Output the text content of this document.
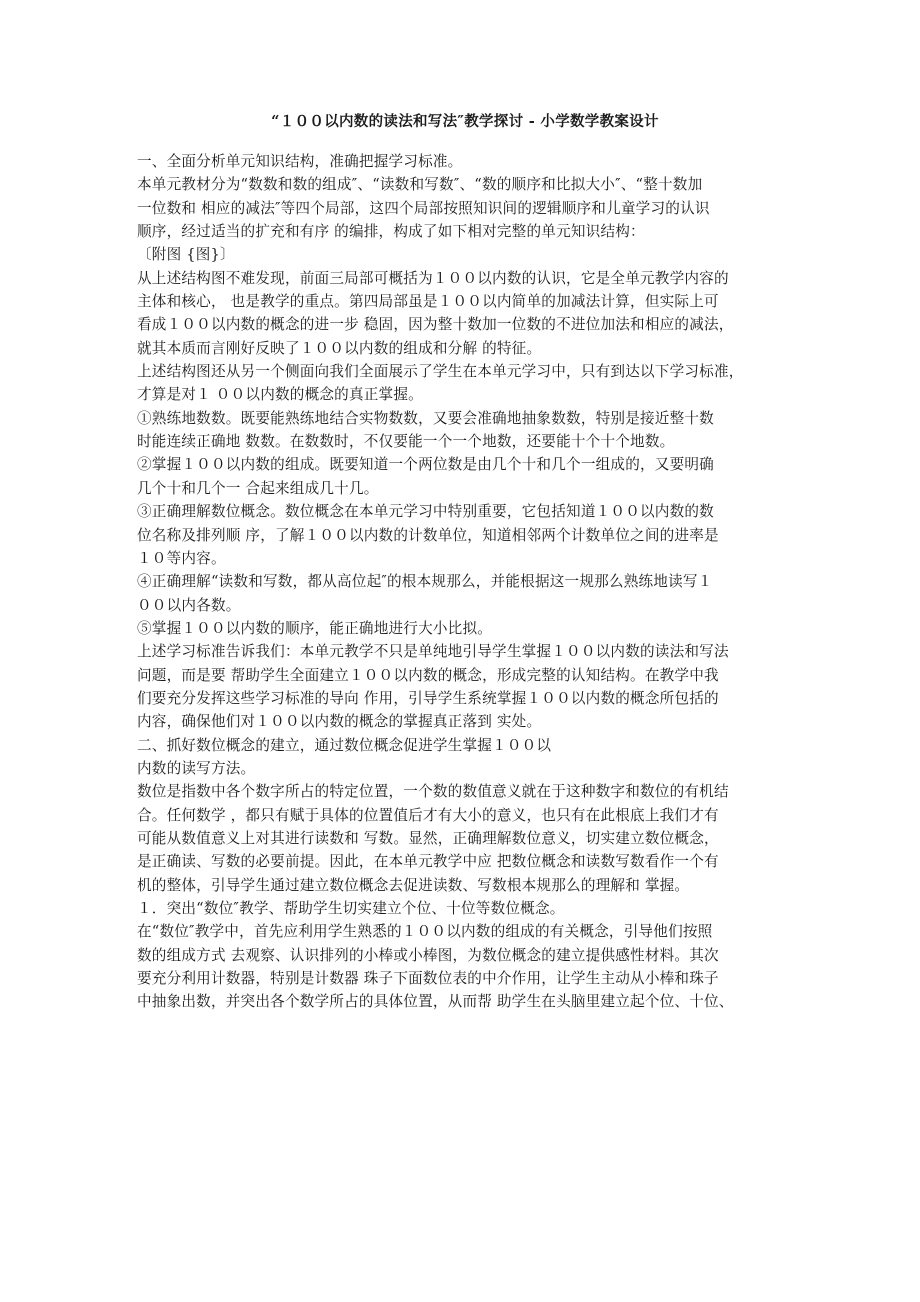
“１００以内数的读法和写法″教学探讨 - 小学数学教案设计

一、全面分析单元知识结构，准确把握学习标准。

本单元教材分为“数数和数的组成″、“读数和写数″、“数的顺序和比拟大小″、“整十数加

一位数和 相应的减法″等四个局部，这四个局部按照知识间的逻辑顺序和儿童学习的认识

顺序，经过适当的扩充和有序 的编排，构成了如下相对完整的单元知识结构：

〔附图 {图}〕

从上述结构图不难发现，前面三局部可概括为１００以内数的认识，它是全单元教学内容的

主体和核心， 也是教学的重点。第四局部虽是１００以内简单的加减法计算，但实际上可

看成１００以内数的概念的进一步 稳固，因为整十数加一位数的不进位加法和相应的减法，

就其本质而言刚好反映了１００以内数的组成和分解 的特征。

上述结构图还从另一个侧面向我们全面展示了学生在本单元学习中，只有到达以下学习标准，

才算是对１ ００以内数的概念的真正掌握。

①熟练地数数。既要能熟练地结合实物数数，又要会准确地抽象数数，特别是接近整十数

时能连续正确地 数数。在数数时，不仅要能一个一个地数，还要能十个十个地数。

②掌握１００以内数的组成。既要知道一个两位数是由几个十和几个一组成的，又要明确

几个十和几个一 合起来组成几十几。

③正确理解数位概念。数位概念在本单元学习中特别重要，它包括知道１００以内数的数

位名称及排列顺 序，了解１００以内数的计数单位，知道相邻两个计数单位之间的进率是

１０等内容。

④正确理解“读数和写数，都从高位起″的根本规那么，并能根据这一规那么熟练地读写１

００以内各数。

⑤掌握１００以内数的顺序，能正确地进行大小比拟。

上述学习标准告诉我们：本单元教学不只是单纯地引导学生掌握１００以内数的读法和写法

问题，而是要 帮助学生全面建立１００以内数的概念，形成完整的认知结构。在教学中我

们要充分发挥这些学习标准的导向 作用，引导学生系统掌握１００以内数的概念所包括的

内容，确保他们对１００以内数的概念的掌握真正落到 实处。

二、抓好数位概念的建立，通过数位概念促进学生掌握１００以

内数的读写方法。

数位是指数中各个数字所占的特定位置，一个数的数值意义就在于这种数字和数位的有机结

合。任何数学 ，都只有赋于具体的位置值后才有大小的意义，也只有在此根底上我们才有

可能从数值意义上对其进行读数和 写数。显然，正确理解数位意义，切实建立数位概念，

是正确读、写数的必要前提。因此，在本单元教学中应 把数位概念和读数写数看作一个有

机的整体，引导学生通过建立数位概念去促进读数、写数根本规那么的理解和 掌握。

１．突出“数位″教学、帮助学生切实建立个位、十位等数位概念。

在“数位″教学中，首先应利用学生熟悉的１００以内数的组成的有关概念，引导他们按照

数的组成方式 去观察、认识排列的小棒或小棒图，为数位概念的建立提供感性材料。其次

要充分利用计数器，特别是计数器 珠子下面数位表的中介作用，让学生主动从小棒和珠子

中抽象出数，并突出各个数学所占的具体位置，从而帮 助学生在头脑里建立起个位、十位、
